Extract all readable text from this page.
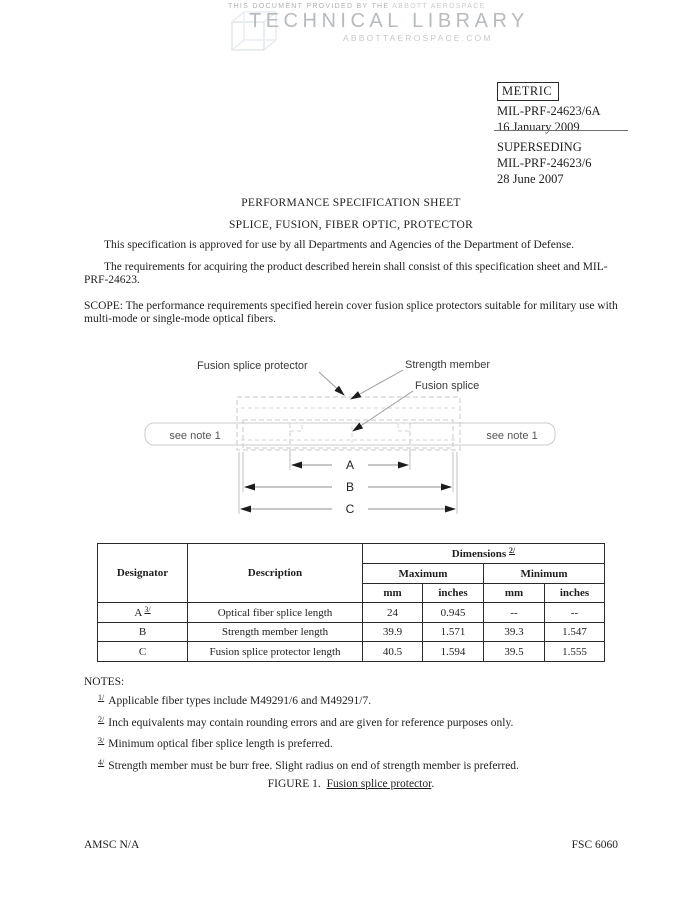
THIS DOCUMENT PROVIDED BY THE ABBOTT AEROSPACE
TECHNICAL LIBRARY
ABBOTTAEROSPACE.COM
METRIC
MIL-PRF-24623/6A
16 January 2009
SUPERSEDING
MIL-PRF-24623/6
28 June 2007
PERFORMANCE SPECIFICATION SHEET
SPLICE, FUSION, FIBER OPTIC, PROTECTOR
This specification is approved for use by all Departments and Agencies of the Department of Defense.
The requirements for acquiring the product described herein shall consist of this specification sheet and MIL-PRF-24623.
SCOPE: The performance requirements specified herein cover fusion splice protectors suitable for military use with multi-mode or single-mode optical fibers.
Fusion splice protector	Strength member
Fusion splice
see note 1	see note 1
A
B
C
Designator	Description	Dimensions $^{2/}$
		Maximum		Minimum	
		mm	inches	mm	inches
A $^{3/}$	Optical fiber splice length	24	0.945	--	--
B	Strength member length	39.9	1.571	39.3	1.547
C	Fusion splice protector length	40.5	1.594	39.5	1.555
NOTES:
$^{1/}$ Applicable fiber types include M49291/6 and M49291/7.
$^{2/}$ Inch equivalents may contain rounding errors and are given for reference purposes only.
$^{3/}$ Minimum optical fiber splice length is preferred.
$^{4/}$ Strength member must be burr free. Slight radius on end of strength member is preferred.
FIGURE 1.  Fusion splice protector.
AMSC N/A	FSC 6060
